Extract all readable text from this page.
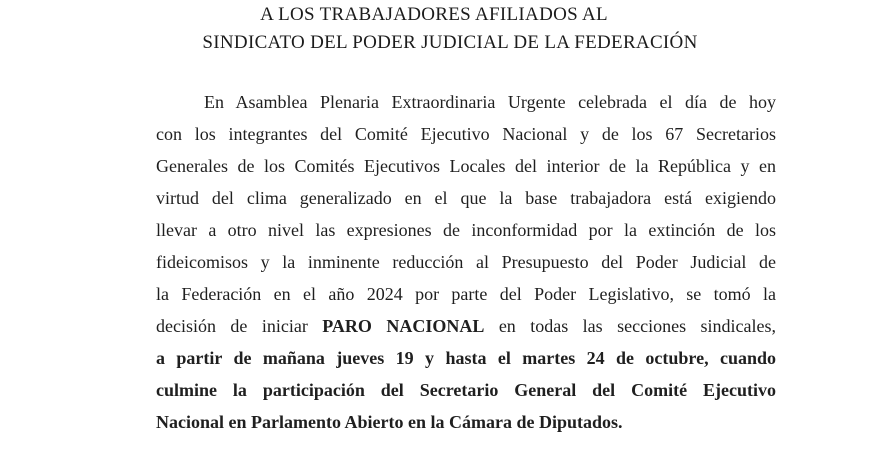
A LOS TRABAJADORES AFILIADOS AL
SINDICATO DEL PODER JUDICIAL DE LA FEDERACIÓN
En Asamblea Plenaria Extraordinaria Urgente celebrada el día de hoy
con los integrantes del Comité Ejecutivo Nacional y de los 67 Secretarios
Generales de los Comités Ejecutivos Locales del interior de la República y en
virtud del clima generalizado en el que la base trabajadora está exigiendo
llevar a otro nivel las expresiones de inconformidad por la extinción de los
fideicomisos y la inminente reducción al Presupuesto del Poder Judicial de
la Federación en el año 2024 por parte del Poder Legislativo, se tomó la
decisión de iniciar PARO NACIONAL en todas las secciones sindicales,
a partir de mañana jueves 19 y hasta el martes 24 de octubre, cuando
culmine la participación del Secretario General del Comité Ejecutivo
Nacional en Parlamento Abierto en la Cámara de Diputados.
